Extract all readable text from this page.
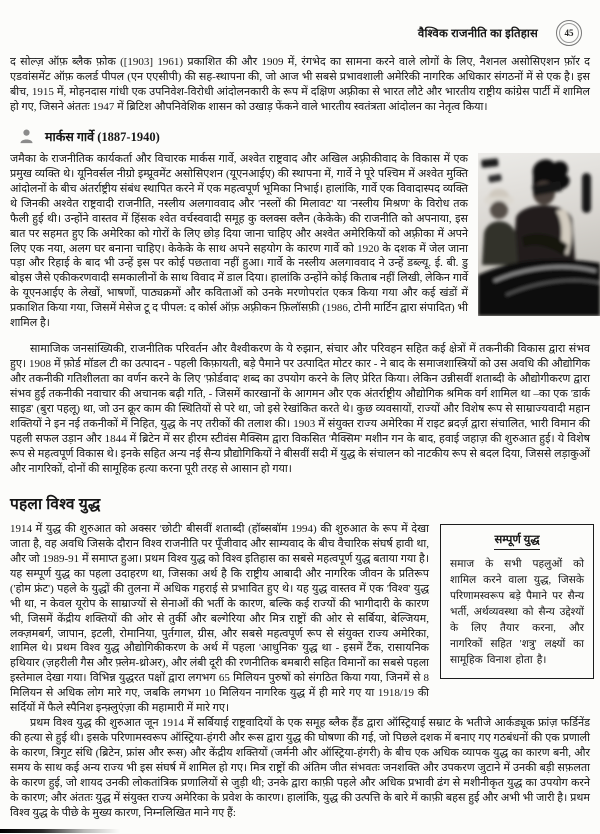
वैश्विक राजनीति का इतिहास	45

द सोल्ज़ ऑफ़ ब्लैक फ़ोक ([1903] 1961) प्रकाशित की और 1909 में, रंगभेद का सामना करने वाले लोगों के लिए, नैशनल असोसिएशन फ़ॉर द एडवांसमेंट ऑफ़ कलर्ड पीपल (एन एएसीपी) की सह-स्थापना की, जो आज भी सबसे प्रभावशाली अमेरिकी नागरिक अधिकार संगठनों में से एक है। इस बीच, 1915 में, मोहनदास गांधी एक उपनिवेश-विरोधी आंदोलनकारी के रूप में दक्षिण अफ़्रीका से भारत लौटे और भारतीय राष्ट्रीय कांग्रेस पार्टी में शामिल हो गए, जिसने अंततः 1947 में ब्रिटिश औपनिवेशिक शासन को उखाड़ फेंकने वाले भारतीय स्वतंत्रता आंदोलन का नेतृत्व किया।

मार्कस गार्वे (1887-1940)

जमैका के राजनीतिक कार्यकर्ता और विचारक मार्कस गार्वे, अश्वेत राष्ट्रवाद और अखिल अफ़्रीकीवाद के विकास में एक प्रमुख व्यक्ति थे। यूनिवर्सल नीग्रो इम्प्रूवमेंट असोसिएशन (यूएनआईए) की स्थापना में, गार्वे ने पूरे पश्चिम में अश्वेत मुक्ति आंदोलनों के बीच अंतर्राष्ट्रीय संबंध स्थापित करने में एक महत्वपूर्ण भूमिका निभाई। हालांकि, गार्वे एक विवादास्पद व्यक्ति थे जिनकी अश्वेत राष्ट्रवादी राजनीति, नस्लीय अलगाववाद और 'नस्लों की मिलावट' या 'नस्लीय मिश्रण' के विरोध तक फैली हुई थी। उन्होंने वास्तव में हिंसक श्वेत वर्चस्ववादी समूह कु क्लक्स क्लैन (केकेके) की राजनीति को अपनाया, इस बात पर सहमत हुए कि अमेरिका को गोरों के लिए छोड़ दिया जाना चाहिए और अश्वेत अमेरिकियों को अफ़्रीका में अपने लिए एक नया, अलग घर बनाना चाहिए। केकेके के साथ अपने सहयोग के कारण गार्वे को 1920 के दशक में जेल जाना पड़ा और रिहाई के बाद भी उन्हें इस पर कोई पछतावा नहीं हुआ। गार्वे के नस्लीय अलगाववाद ने उन्हें डब्ल्यू. ई. बी. डु बोइस जैसे एकीकरणवादी समकालीनों के साथ विवाद में डाल दिया। हालांकि उन्होंने कोई किताब नहीं लिखी, लेकिन गार्वे के यूएनआईए के लेखों, भाषणों, पाठ्यक्रमों और कविताओं को उनके मरणोपरांत एकत्र किया गया और कई खंडों में प्रकाशित किया गया, जिसमें मेसेज टू द पीपल: द कोर्स ऑफ़ अफ़्रीकन फ़िलॉसफ़ी (1986, टोनी मार्टिन द्वारा संपादित) भी शामिल है।

सामाजिक जनसांख्यिकी, राजनीतिक परिवर्तन और वैश्वीकरण के ये रुझान, संचार और परिवहन सहित कई क्षेत्रों में तकनीकी विकास द्वारा संभव हुए। 1908 में फ़ोर्ड मॉडल टी का उत्पादन - पहली किफ़ायती, बड़े पैमाने पर उत्पादित मोटर कार - ने बाद के समाजशास्त्रियों को उस अवधि की औद्योगिक और तकनीकी गतिशीलता का वर्णन करने के लिए 'फ़ोर्डवाद' शब्द का उपयोग करने के लिए प्रेरित किया। लेकिन उन्नीसवीं शताब्दी के औद्योगीकरण द्वारा संभव हुई तकनीकी नवाचार की अचानक बढ़ी गति, - जिसमें कारखानों के आगमन और एक अंतर्राष्ट्रीय औद्योगिक श्रमिक वर्ग शामिल था –का एक 'डार्क साइड' (बुरा पहलू) था, जो उन क्रूर काम की स्थितियों से परे था, जो इसे रेखांकित करते थे। कुछ व्यवसायों, राज्यों और विशेष रूप से साम्राज्यवादी महान शक्तियों ने इन नई तकनीकों में निहित, युद्ध के नए तरीकों की तलाश की। 1903 में संयुक्त राज्य अमेरिका में राइट ब्रदर्ज़ द्वारा संचालित, भारी विमान की पहली सफल उड़ान और 1844 में ब्रिटेन में सर हीरम स्टीवंस मैक्सिम द्वारा विकसित 'मैक्सिम' मशीन गन के बाद, हवाई जहाज़ की शुरुआत हुई। ये विशेष रूप से महत्वपूर्ण विकास थे। इनके सहित अन्य नई सैन्य प्रौद्योगिकियों ने बीसवीं सदी में युद्ध के संचालन को नाटकीय रूप से बदल दिया, जिससे लड़ाकुओं और नागरिकों, दोनों की सामूहिक हत्या करना पूरी तरह से आसान हो गया।

पहला विश्व युद्ध
सम्पूर्ण युद्ध

समाज के सभी पहलुओं को शामिल करने वाला युद्ध, जिसके परिणामस्वरूप बड़े पैमाने पर सैन्य भर्ती, अर्थव्यवस्था को सैन्य उद्देश्यों के लिए तैयार करना, और नागरिकों सहित 'शत्रु' लक्ष्यों का सामूहिक विनाश होता है।

1914 में युद्ध की शुरुआत को अक्सर 'छोटी' बीसवीं शताब्दी (हॉब्सबॉम 1994) की शुरुआत के रूप में देखा जाता है, वह अवधि जिसके दौरान विश्व राजनीति पर पूँजीवाद और साम्यवाद के बीच वैचारिक संघर्ष हावी था, और जो 1989-91 में समाप्त हुआ। प्रथम विश्व युद्ध को विश्व इतिहास का सबसे महत्वपूर्ण युद्ध बताया गया है। यह सम्पूर्ण युद्ध का पहला उदाहरण था, जिसका अर्थ है कि राष्ट्रीय आबादी और नागरिक जीवन के प्रतिरूप ('होम फ्रंट') पहले के युद्धों की तुलना में अधिक गहराई से प्रभावित हुए थे। यह युद्ध वास्तव में एक 'विश्व' युद्ध भी था, न केवल यूरोप के साम्राज्यों से सेनाओं की भर्ती के कारण, बल्कि कई राज्यों की भागीदारी के कारण भी, जिसमें केंद्रीय शक्तियों की ओर से तुर्की और बल्गेरिया और मित्र राष्ट्रों की ओर से सर्बिया, बेल्जियम, लक्ज़मबर्ग, जापान, इटली, रोमानिया, पुर्तगाल, ग्रीस, और सबसे महत्वपूर्ण रूप से संयुक्त राज्य अमेरिका, शामिल थे। प्रथम विश्व युद्ध औद्योगिकीकरण के अर्थ में पहला 'आधुनिक' युद्ध था - इसमें टैंक, रासायनिक हथियार (ज़हरीली गैस और फ़्लेम-थ्रोअर), और लंबी दूरी की रणनीतिक बमबारी सहित विमानों का सबसे पहला इस्तेमाल देखा गया। विभिन्न युद्धरत पक्षों द्वारा लगभग 65 मिलियन पुरुषों को संगठित किया गया, जिनमें से 8 मिलियन से अधिक लोग मारे गए, जबकि लगभग 10 मिलियन नागरिक युद्ध में ही मारे गए या 1918/19 की सर्दियों में फैले स्पैनिश इन्फ़्लुएंज़ा की महामारी में मारे गए।

प्रथम विश्व युद्ध की शुरुआत जून 1914 में सर्बियाई राष्ट्रवादियों के एक समूह ब्लैक हैंड द्वारा ऑस्ट्रियाई सम्राट के भतीजे आर्कड्यूक फ्रांज़ फर्डिनेंड की हत्या से हुई थी। इसके परिणामस्वरूप ऑस्ट्रिया-हंगरी और रूस द्वारा युद्ध की घोषणा की गई, जो पिछले दशक में बनाए गए गठबंधनों की एक प्रणाली के कारण, त्रिगुट संधि (ब्रिटेन, फ्रांस और रूस) और केंद्रीय शक्तियों (जर्मनी और ऑस्ट्रिया-हंगरी) के बीच एक अधिक व्यापक युद्ध का कारण बनी, और समय के साथ कई अन्य राज्य भी इस संघर्ष में शामिल हो गए। मित्र राष्ट्रों की अंतिम जीत संभवतः जनशक्ति और उपकरण जुटाने में उनकी बड़ी सफ़लता के कारण हुई, जो शायद उनकी लोकतांत्रिक प्रणालियों से जुड़ी थी; उनके द्वारा काफ़ी पहले और अधिक प्रभावी ढंग से मशीनीकृत युद्ध का उपयोग करने के कारण; और अंततः युद्ध में संयुक्त राज्य अमेरिका के प्रवेश के कारण। हालांकि, युद्ध की उत्पत्ति के बारे में काफ़ी बहस हुई और अभी भी जारी है। प्रथम विश्व युद्ध के पीछे के मुख्य कारण, निम्नलिखित माने गए हैं:
